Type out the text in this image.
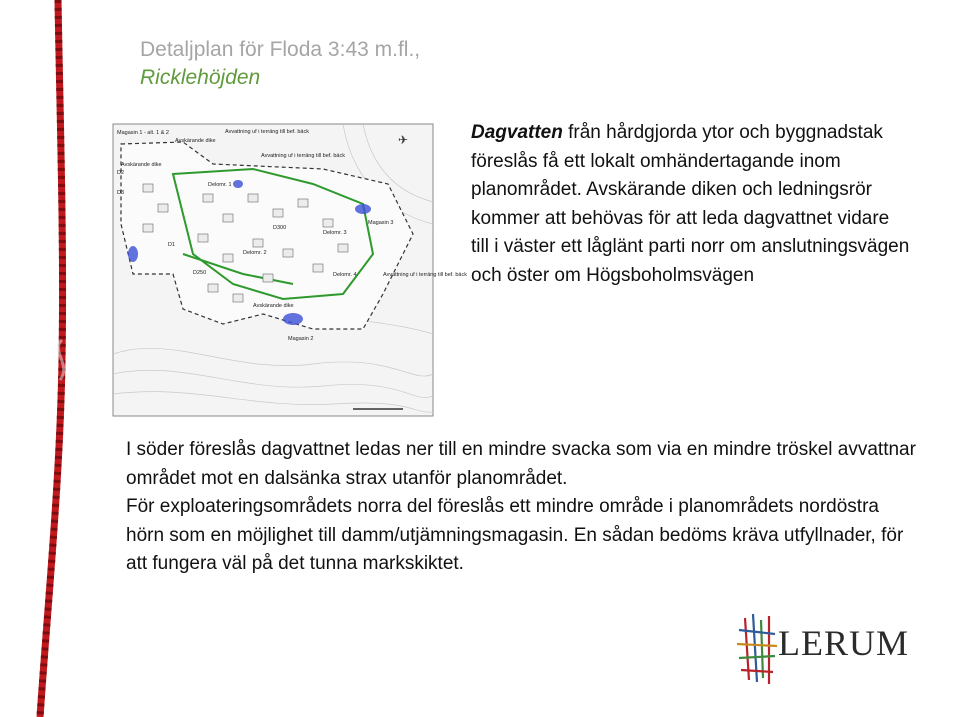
Detaljplan för Floda 3:43 m.fl.,
Ricklehöjden
Magasin 1 - alt. 1 & 2	Avvattning uf i terräng till bef. bäck
Avskärande dike
Avvattning uf i terräng till bef. bäck
Magasin 3
Avvattning uf i terräng till bef. bäck
Magasin 2
Avskärande dike
Avskärande dike
Delomr. 1
Delomr. 2
Delomr. 3
Delomr. 4
D300
D250
D1
D2
D3
✈	Dagvatten från hårdgjorda ytor och byggnadstak föreslås få ett lokalt omhändertagande inom planområdet. Avskärande diken och ledningsrör kommer att behövas för att leda dagvattnet vidare till i väster ett låglänt parti norr om anslutningsvägen och öster om Högsboholmsvägen

I söder föreslås dagvattnet ledas ner till en mindre svacka som via en mindre tröskel avvattnar området mot en dalsänka strax utanför planområdet.

För exploateringsområdets norra del föreslås ett mindre område i planområdets nordöstra hörn som en möjlighet till damm/utjämningsmagasin. En sådan bedöms kräva utfyllnader, för att fungera väl på det tunna markskiktet.

LERUM
